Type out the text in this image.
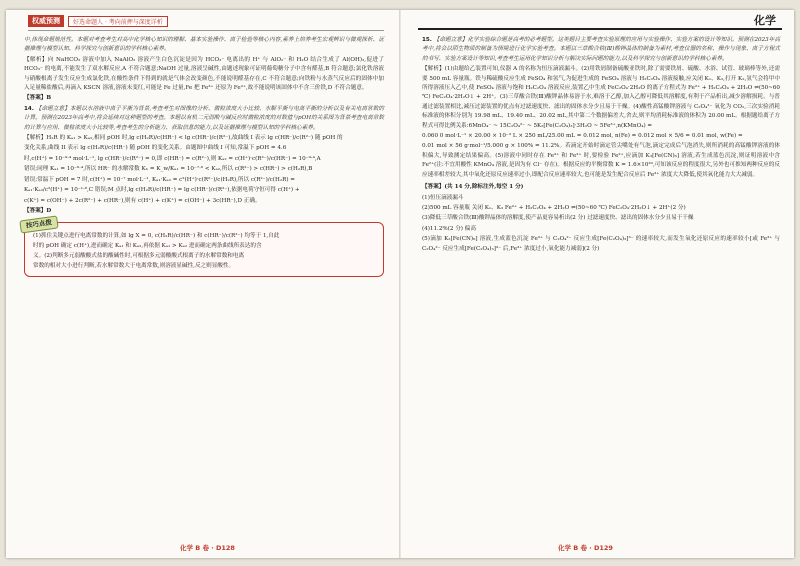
权威预测	好选命题人 · 考向前押与深度详析

中,体现命题规范性。本题对考查考生对高中化学核心知识的理解、基本实验操作、离子检验等核心内容,素养上培养考生宏观辨识与微观探析、证据推理与模型认知、科学探究与创新意识的学科核心素养。

【解析】向 NaHCO₃ 溶液中加入 NaAlO₂ 溶液产生白色沉淀是因为 HCO₃⁻ 电离出的 H⁺ 与 AlO₂⁻ 和 H₂O 结合生成了 Al(OH)₃,促进了 HCO₃⁻ 的电离,不能发生了双水解反应,A 不符合题意;NaOH 过量,溶液呈碱性,由题述现象可证明葡萄糖分子中含有醛基,B 符合题意;氯化铁溶液与硝酸根离子发生反应生成氯化铁,在酸性条件下得到的就是气体会改变颜色,不能说明醛基存在,C 不符合题意;向铁粉与水蒸气反应后的固体中加入足量稀盐酸后,再滴入 KSCN 溶液,溶液未变红,可能是 Fe 过量,Fe 把 Fe³⁺ 还原为 Fe²⁺,故不能说明该固体中不含三价铁,D 不符合题意。

【答案】B

14. 【命题立意】本题以水溶液中离子平衡为背景,考查考生对图像的分析、微粒浓度大小比较、水解平衡与电离平衡的分析以及有关电离常数的计算。预测在2023年高考中,将会延续对这种题型的考查。本题以有机二元弱酸与碱反应时微粒浓度的对数值与pOH的关系图为背景考查电离常数的计算与应用、微粒浓度大小比较等,考查考生的分析能力、获取信息的能力,以及证据推理与模型认知的学科核心素养。

【解析】H₂R 的 Kₐ₁ > Kₐ₂,相同 pOH 时,lg c(H₂R)/c(HR⁻) < lg c(HR⁻)/c(R²⁻),故曲线 I 表示 lg c(HR⁻)/c(R²⁻) 随 pOH 的

变化关系,曲线 II 表示 lg c(H₂R)/c(HR⁻) 随 pOH 的变化关系。由题图中曲线 I 可知,常温下 pOH = 4.6

时,c(H⁺) = 10⁻⁹·⁴ mol·L⁻¹, lg c(HR⁻)/c(R²⁻) = 0,即 c(HR⁻) = c(R²⁻),则 Kₐ₂ = c(H⁺)·c(R²⁻)/c(HR⁻) = 10⁻⁹·⁴,A

错误;同理 Kₐ₁ = 10⁻⁶·⁴,所以 HR⁻ 的水解常数 Kₕ = K_w/Kₐ₁ = 10⁻⁷·⁶ < Kₐ₂,所以 c(R²⁻) > c(HR⁻) > c(H₂R),B

错误;常温下 pOH = 7 时,c(H⁺) = 10⁻⁷ mol·L⁻¹, Kₐ₁·Kₐ₂ = c²(H⁺)·c(R²⁻)/c(H₂R),所以 c(R²⁻)/c(H₂R) =

Kₐ₁·Kₐ₂/c²(H⁺) = 10⁻¹·⁸,C 错误;M 点时,lg c(H₂R)/c(HR⁻) = lg c(HR⁻)/c(R²⁻),依据电荷守恒可得 c(H⁺) +

c(K⁺) = c(OH⁻) + 2c(R²⁻) + c(HR⁻),则有 c(H⁺) + c(K⁺) = c(OH⁻) + 3c(HR⁻),D 正确。

【答案】D

技巧点拨
(1)抓住关键点进行电离常数的计算,如 lg X = 0, c(H₂R)/c(HR⁻) 和 c(HR⁻)/c(R²⁻) 均等于 1,自此
时的 pOH 确定 c(H⁺),进而确定 Kₐ₁ 和 Kₐ₂,再依据 Kₐ₁ > Kₐ₂ 进而确定两条曲线所表达的含
义。(2)判断多元弱酸酸式盐的酸碱性时,可根据多元弱酸酸式根离子的水解常数和电离
常数的相对大小进行判断,若水解常数大于电离常数,则溶液显碱性,反之则显酸性。
化学 B 卷 · D128
化学

15. 【命题立意】化学实验综合题是高考的必考题型。这类题目主要考查实验原理的应用与实验操作、实验方案的设计等知识。预测在2023年高考中,将会以陌生物质的制备为情境进行化学实验考查。本题以三草酸合铁(Ⅲ)酸钾晶体的制备为素材,考查仪器的名称、操作与现象、离子方程式的书写、实验方案设计等知识,考查考生运用化学知识分析与解决实际问题的能力,以及科学探究与创新意识的学科核心素养。

【解析】(1)由题给乙装置可知,仪器 A 的名称为恒压滴液漏斗。(2)用铁屑制备硫酸亚铁时,除了需要铁屑、硫酸、水浴、试管、玻璃棒等外,还需要 500 mL 容量瓶。铁与稀硫酸反应生成 FeSO₄ 和氢气,为促进生成的 FeSO₄ 溶液与 H₂C₂O₄ 溶液接触,应关闭 K₁、K₃,打开 K₂,氢气会将甲中所得溶液压入乙中,使 FeSO₄ 溶液与饱和 H₂C₂O₄ 溶液反应,装置乙中生成 FeC₂O₄·2H₂O 的离子方程式为 Fe²⁺ + H₂C₂O₄ + 2H₂O ⇌(50~60 ℃) FeC₂O₄·2H₂O↓ + 2H⁺。(3)三草酸合铁(Ⅲ)酸钾晶体易溶于水,难溶于乙醇,加入乙醇可降低其溶解度,有利于产品析出,减少溶解损耗。与普通过滤装置相比,减压过滤装置的优点有过滤速度快、滤出的固体水分少且易于干燥。(4)酸性高锰酸钾溶液与 C₂O₄²⁻ 氧化为 CO₂,三次实验消耗标准液的体积分别为 19.98 mL、19.40 mL、20.02 mL,其中第二个数据偏差大,舍去,则平均消耗标准液的体积为 20.00 mL。根据题给离子方程式可得比例关系:6MnO₄⁻ ~ 15C₂O₄²⁻ ~ 5K₃[Fe(C₂O₄)₃]·3H₂O ~ 5Fe³⁺,n(KMnO₄) =

0.060 0 mol·L⁻¹ × 20.00 × 10⁻³ L × 250 mL/25.00 mL = 0.012 mol, n(Fe) = 0.012 mol × 5/6 = 0.01 mol, w(Fe) =

0.01 mol × 56 g·mol⁻¹/5.000 g × 100% = 11.2%。若滴定开始时滴定管尖嘴处有气泡,滴定完成后气泡消失,则所消耗的高锰酸钾溶液的体积偏大,导致测定结果偏高。(5)溶液中同时存在 Fe³⁺ 和 Fe²⁺ 时,要检验 Fe²⁺,应滴加 K₃[Fe(CN)₆] 溶液,若生成蓝色沉淀,则证明溶液中含 Fe²⁺(注:不宜用酸性 KMnO₄ 溶液,是因为有 Cl⁻ 存在)。根据反应的平衡常数 K = 1.6×10²⁰,可知该反应的程度很大,另外也可推知两种反应的反应速率相差较大,其中氧化还原反应速率过小,即配合反应速率较大,也可能是发生配合反应后 Fe³⁺ 浓度大大降低,使其氧化能力大大减弱。

【答案】(共 14 分,除标注外,每空 1 分)

(1)恒压滴液漏斗

(2)500 mL 容量瓶 关闭 K₁、K₃ Fe²⁺ + H₂C₂O₄ + 2H₂O ⇌(50~60 ℃) FeC₂O₄·2H₂O↓ + 2H⁺(2 分)

(3)降低三草酸合铁(Ⅲ)酸钾晶体的溶解度,使产品更容易析出(2 分) 过滤速度快、滤出的固体水分少且易于干燥

(4)11.2%(2 分) 偏高

(5)滴加 K₃[Fe(CN)₆] 溶液,生成蓝色沉淀 Fe³⁺ 与 C₂O₄²⁻ 反应生成[Fe(C₂O₄)₃]³⁻ 的速率较大,而发生氧化还原反应的速率较小[或 Fe³⁺ 与 C₂O₄²⁻ 反应生成[Fe(C₂O₄)₃]³⁻ 后,Fe³⁺ 浓度过小,氧化能力减弱](2 分)

化学 B 卷 · D129
